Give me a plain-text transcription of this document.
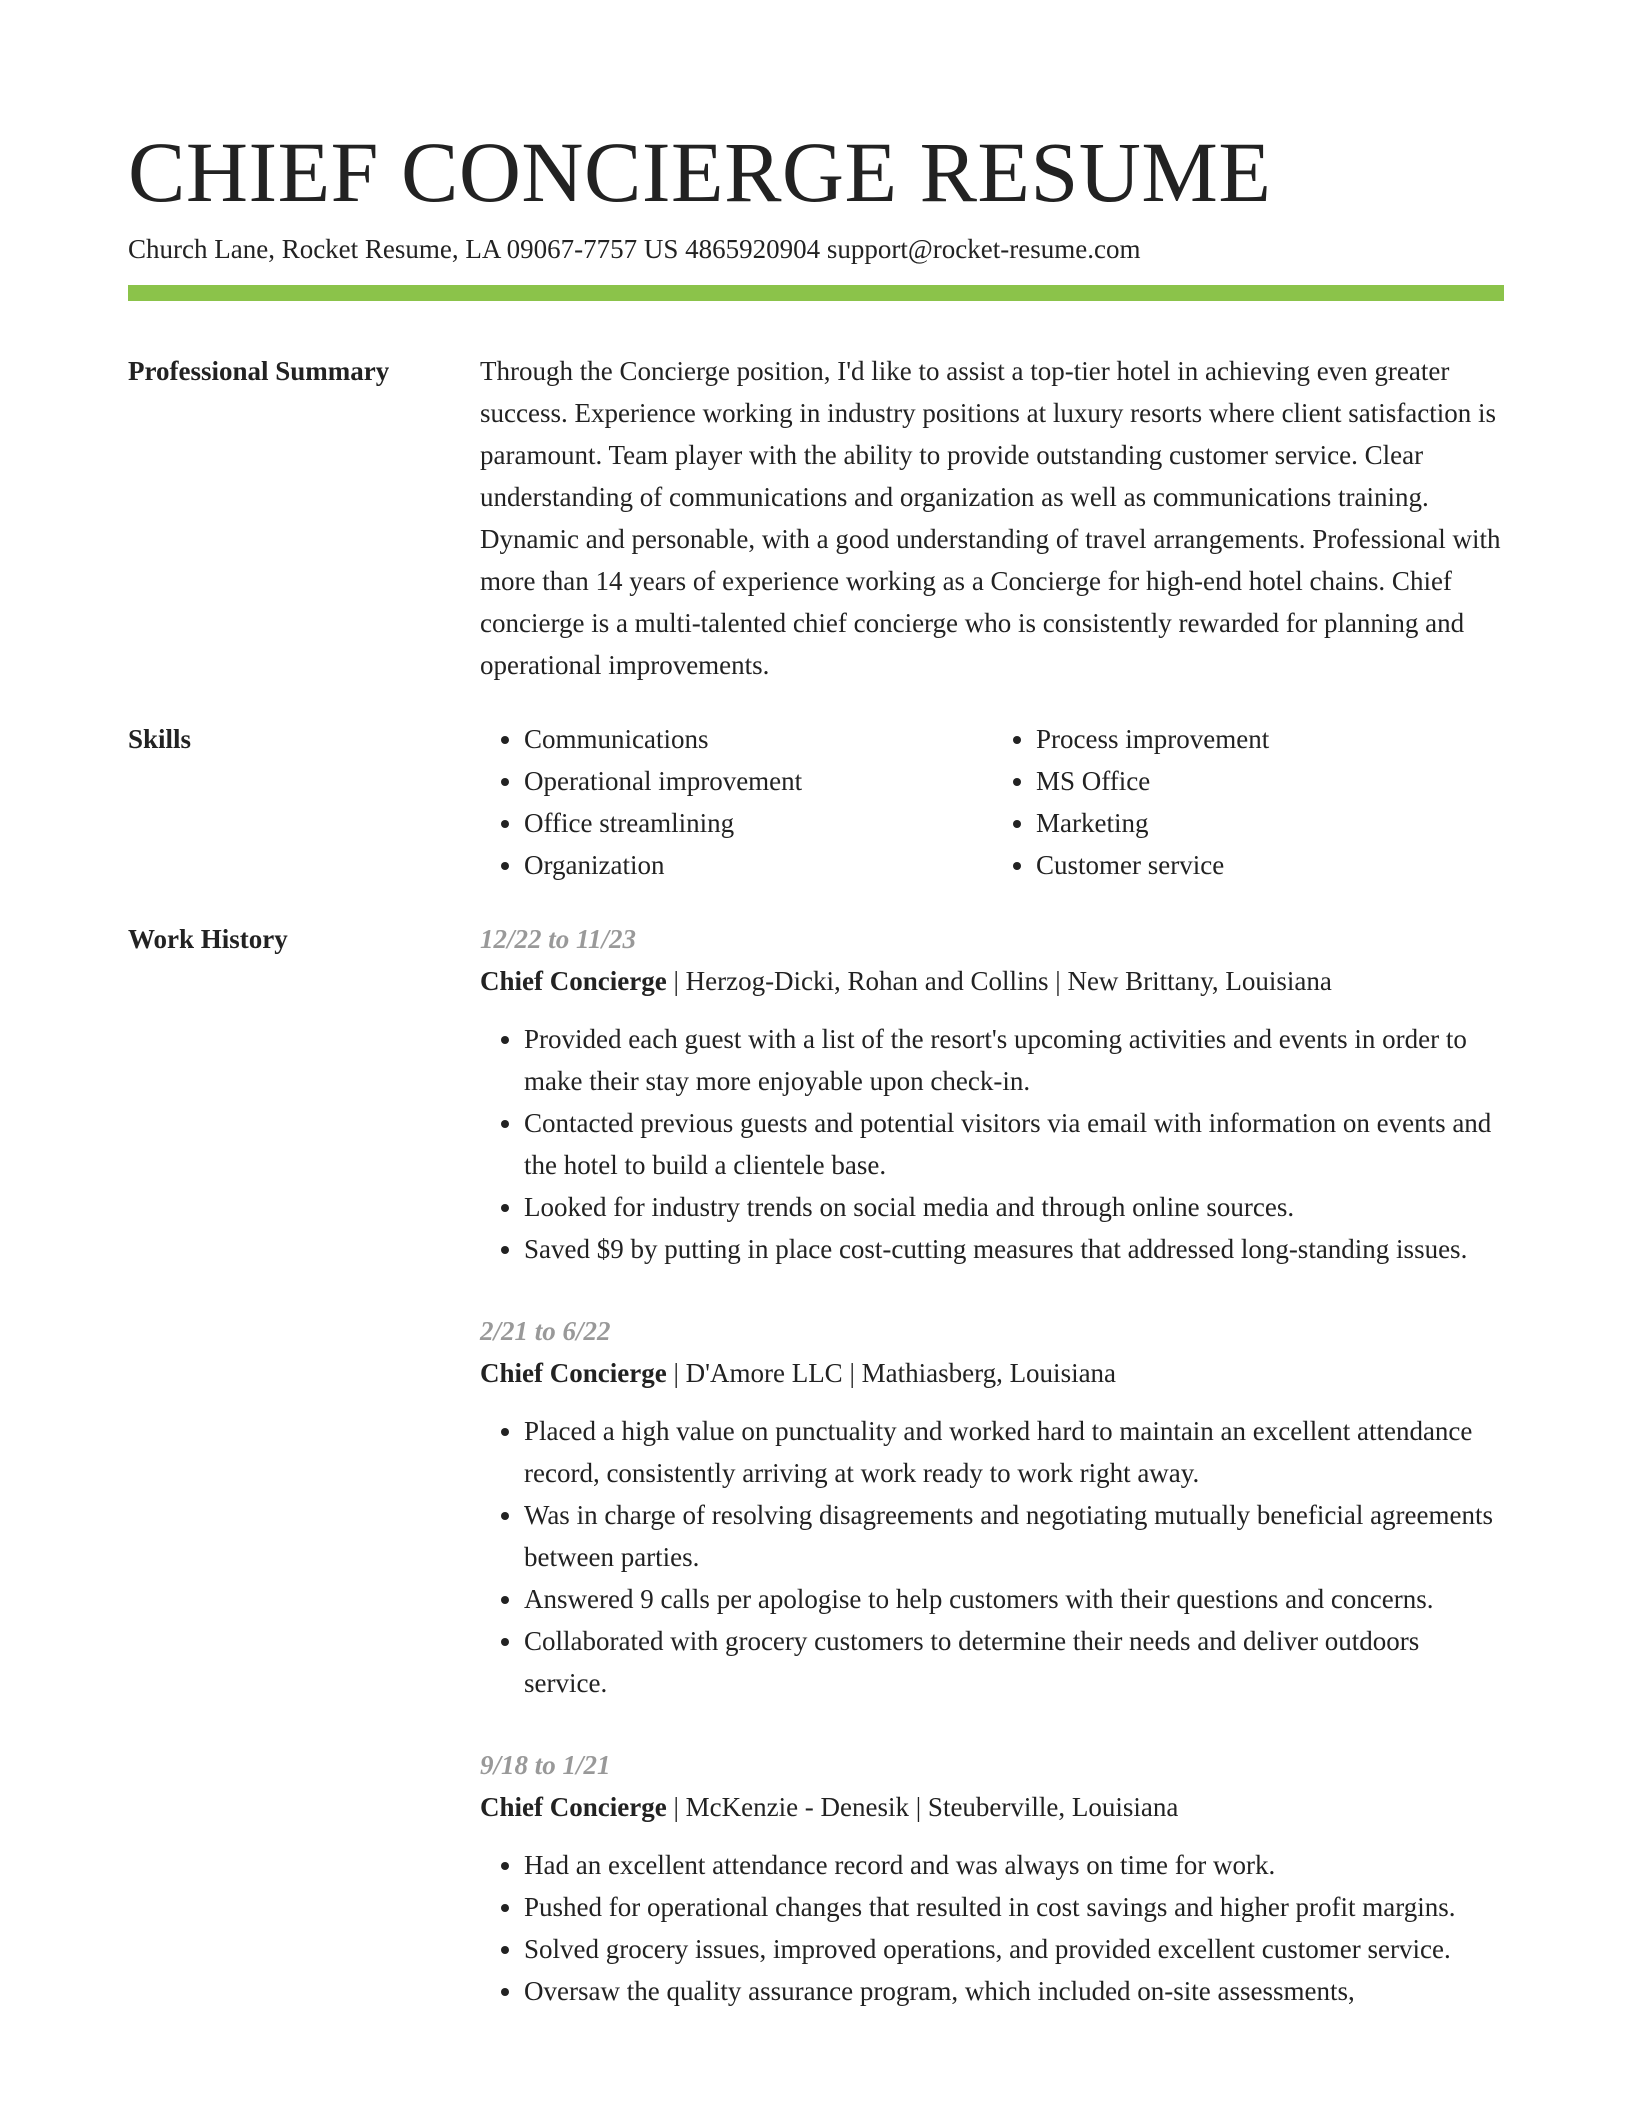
CHIEF CONCIERGE RESUME
Church Lane, Rocket Resume, LA 09067-7757 US 4865920904 support@rocket-resume.com
Professional Summary	Through the Concierge position, I'd like to assist a top-tier hotel in achieving even greater success. Experience working in industry positions at luxury resorts where client satisfaction is paramount. Team player with the ability to provide outstanding customer service. Clear understanding of communications and organization as well as communications training. Dynamic and personable, with a good understanding of travel arrangements. Professional with more than 14 years of experience working as a Concierge for high-end hotel chains. Chief concierge is a multi-talented chief concierge who is consistently rewarded for planning and operational improvements.

Skills
•	Communications
• Operational improvement
• Office streamlining
• Organization
• Process improvement
• MS Office
• Marketing
• Customer service
Work History	12/22 to 11/23
Chief Concierge | Herzog-Dicki, Rohan and Collins | New Brittany, Louisiana
• Provided each guest with a list of the resort's upcoming activities and events in order to make their stay more enjoyable upon check-in.
• Contacted previous guests and potential visitors via email with information on events and the hotel to build a clientele base.
• Looked for industry trends on social media and through online sources.
• Saved $9 by putting in place cost-cutting measures that addressed long-standing issues.
2/21 to 6/22
Chief Concierge | D'Amore LLC | Mathiasberg, Louisiana
• Placed a high value on punctuality and worked hard to maintain an excellent attendance record, consistently arriving at work ready to work right away.
• Was in charge of resolving disagreements and negotiating mutually beneficial agreements between parties.
• Answered 9 calls per apologise to help customers with their questions and concerns.
• Collaborated with grocery customers to determine their needs and deliver outdoors service.
9/18 to 1/21
Chief Concierge | McKenzie - Denesik | Steuberville, Louisiana
• Had an excellent attendance record and was always on time for work.
• Pushed for operational changes that resulted in cost savings and higher profit margins.
• Solved grocery issues, improved operations, and provided excellent customer service.
• Oversaw the quality assurance program, which included on-site assessments,
